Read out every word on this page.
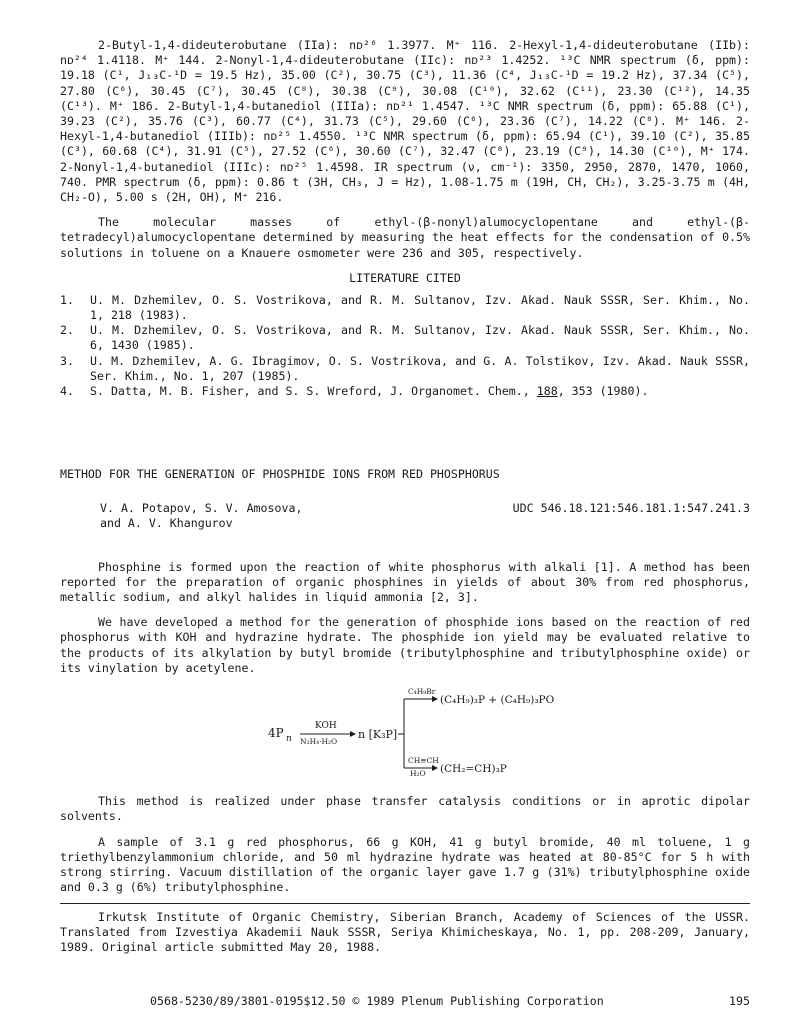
2-Butyl-1,4-dideuterobutane (IIa): nᴅ²⁶ 1.3977. M⁺ 116. 2-Hexyl-1,4-dideuterobutane (IIb): nᴅ²⁴ 1.4118. M⁺ 144. 2-Nonyl-1,4-dideuterobutane (IIc): nᴅ²³ 1.4252. ¹³C NMR spectrum (δ, ppm): 19.18 (C¹, J₁₃C-¹D = 19.5 Hz), 35.00 (C²), 30.75 (C³), 11.36 (C⁴, J₁₃C-¹D = 19.2 Hz), 37.34 (C⁵), 27.80 (C⁶), 30.45 (C⁷), 30.45 (C⁸), 30.38 (C⁹), 30.08 (C¹⁰), 32.62 (C¹¹), 23.30 (C¹²), 14.35 (C¹³). M⁺ 186. 2-Butyl-1,4-butanediol (IIIa): nᴅ²¹ 1.4547. ¹³C NMR spectrum (δ, ppm): 65.88 (C¹), 39.23 (C²), 35.76 (C³), 60.77 (C⁴), 31.73 (C⁵), 29.60 (C⁶), 23.36 (C⁷), 14.22 (C⁸). M⁺ 146. 2-Hexyl-1,4-butanediol (IIIb): nᴅ²⁵ 1.4550. ¹³C NMR spectrum (δ, ppm): 65.94 (C¹), 39.10 (C²), 35.85 (C³), 60.68 (C⁴), 31.91 (C⁵), 27.52 (C⁶), 30.60 (C⁷), 32.47 (C⁸), 23.19 (C⁹), 14.30 (C¹⁰), M⁺ 174. 2-Nonyl-1,4-butanediol (IIIc): nᴅ²⁵ 1.4598. IR spectrum (ν, cm⁻¹): 3350, 2950, 2870, 1470, 1060, 740. PMR spectrum (δ, ppm): 0.86 t (3H, CH₃, J = Hz), 1.08-1.75 m (19H, CH, CH₂), 3.25-3.75 m (4H, CH₂-O), 5.00 s (2H, OH), M⁺ 216.

The molecular masses of ethyl-(β-nonyl)alumocyclopentane and ethyl-(β-tetradecyl)alumocyclopentane determined by measuring the heat effects for the condensation of 0.5% solutions in toluene on a Knauere osmometer were 236 and 305, respectively.

LITERATURE CITED
1.	U. M. Dzhemilev, O. S. Vostrikova, and R. M. Sultanov, Izv. Akad. Nauk SSSR, Ser. Khim., No. 1, 218 (1983).
2.	U. M. Dzhemilev, O. S. Vostrikova, and R. M. Sultanov, Izv. Akad. Nauk SSSR, Ser. Khim., No. 6, 1430 (1985).
3.	U. M. Dzhemilev, A. G. Ibragimov, O. S. Vostrikova, and G. A. Tolstikov, Izv. Akad. Nauk SSSR, Ser. Khim., No. 1, 207 (1985).
4.	S. Datta, M. B. Fisher, and S. S. Wreford, J. Organomet. Chem., 188, 353 (1980).
METHOD FOR THE GENERATION OF PHOSPHIDE IONS FROM RED PHOSPHORUS
V. A. Potapov, S. V. Amosova,
and A. V. Khangurov
UDC 546.18.121:546.181.1:547.241.3

Phosphine is formed upon the reaction of white phosphorus with alkali [1]. A method has been reported for the preparation of organic phosphines in yields of about 30% from red phosphorus, metallic sodium, and alkyl halides in liquid ammonia [2, 3].

We have developed a method for the generation of phosphide ions based on the reaction of red phosphorus with KOH and hydrazine hydrate. The phosphide ion yield may be evaluated relative to the products of its alkylation by butyl bromide (tributylphosphine and tributylphosphine oxide) or its vinylation by acetylene.

4P n
KOH
N₂H₄·H₂O
n [K₃P]
C₄H₉Br
(C₄H₉)₃P + (C₄H₉)₃PO
CH≡CH
H₂O (CH₂=CH)₃P

This method is realized under phase transfer catalysis conditions or in aprotic dipolar solvents.

A sample of 3.1 g red phosphorus, 66 g KOH, 41 g butyl bromide, 40 ml toluene, 1 g triethylbenzylammonium chloride, and 50 ml hydrazine hydrate was heated at 80-85°C for 5 h with strong stirring. Vacuum distillation of the organic layer gave 1.7 g (31%) tributylphosphine oxide and 0.3 g (6%) tributylphosphine.

Irkutsk Institute of Organic Chemistry, Siberian Branch, Academy of Sciences of the USSR. Translated from Izvestiya Akademii Nauk SSSR, Seriya Khimicheskaya, No. 1, pp. 208-209, January, 1989. Original article submitted May 20, 1988.

0568-5230/89/3801-0195$12.50 © 1989 Plenum Publishing Corporation	195
